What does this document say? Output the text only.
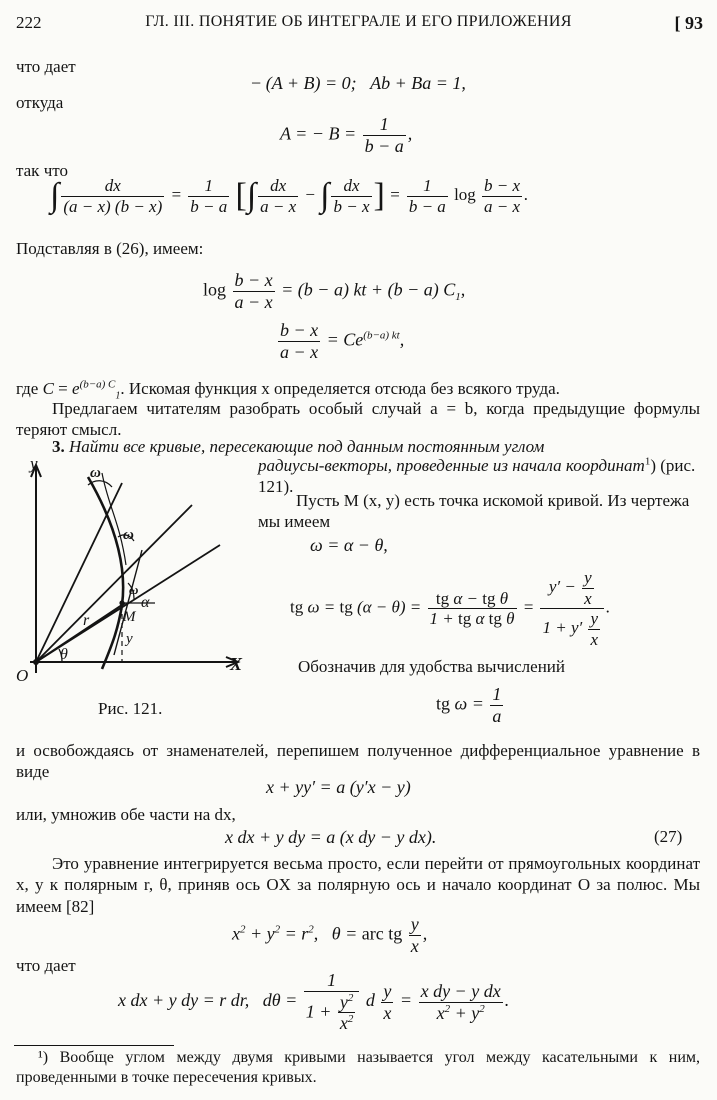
222	ГЛ. III. ПОНЯТИЕ ОБ ИНТЕГРАЛЕ И ЕГО ПРИЛОЖЕНИЯ	[ 93
что дает
− (A + B) = 0;   Ab + Ba = 1,
откуда
A = − $B = \frac{1}{b - a}$ ,
так что
∫ $\frac{dx}{(a - x) (b - x)} = \frac{1}{b - a}$ [∫ $\frac{dx}{a - x}$ − ∫ $\frac{dx}{b - x}$ ] = $\frac{1}{b - a}$ $\log \frac{b - x}{a - x}$ .
Подставляя в (26), имеем:
$\log \frac{b - x}{a - x} = (b - a)$ kt + (b − a) $C_1$,
$\frac{b - x}{a - x} = Ce^{(b-a) kt}$,
где $C = e^{(b-a) C}_1$. Искомая функция x определяется отсюда без всякого труда.
Предлагаем читателям разобрать особый случай a = b, когда предыдущие формулы теряют смысл.
3. Найти все кривые, пересекающие под данным постоянным углом
радиусы-векторы, проведенные из начала координат$^1$) (рис. 121).
Пусть M (x, y) есть точка искомой кривой. Из чертежа мы имеем
ω = α − θ,
tg ω = tg $(\alpha - \theta) = \frac{\text{tg α − tg θ}}{\text{1 + tg α tg θ}} = \frac{y' - \frac{y}{x}}{1 + y' \frac{y}{x}}$ .
Обозначив для удобства вычислений
tg $\omega = \frac{1}{a}$
y
X
O
θ
ω
ω
ω
α
r M
y
Рис. 121.
и освобождаясь от знаменателей, перепишем полученное дифференциальное уравнение в виде
x + yy′ = a (y′x − y)
или, умножив обе части на dx,
x dx + y dy = a (x dy − y dx).	(27)
Это уравнение интегрируется весьма просто, если перейти от прямоугольных координат x, y к полярным r, θ, приняв ось OX за полярную ось и начало координат O за полюс. Мы имеем [82]
$x^2 + y^2 = r^2$,   θ = arc tg $\frac{y}{x}$ ,
что дает
x dx + y dy = r dr,   $d\theta = \frac{1}{1 + \frac{y^2}{x^2}}$ d $\frac{y}{x} = \frac{\text{x dy − y dx}}{x^2 + y^2}$ .
¹) Вообще углом между двумя кривыми называется угол между касательными к ним, проведенными в точке пересечения кривых.
